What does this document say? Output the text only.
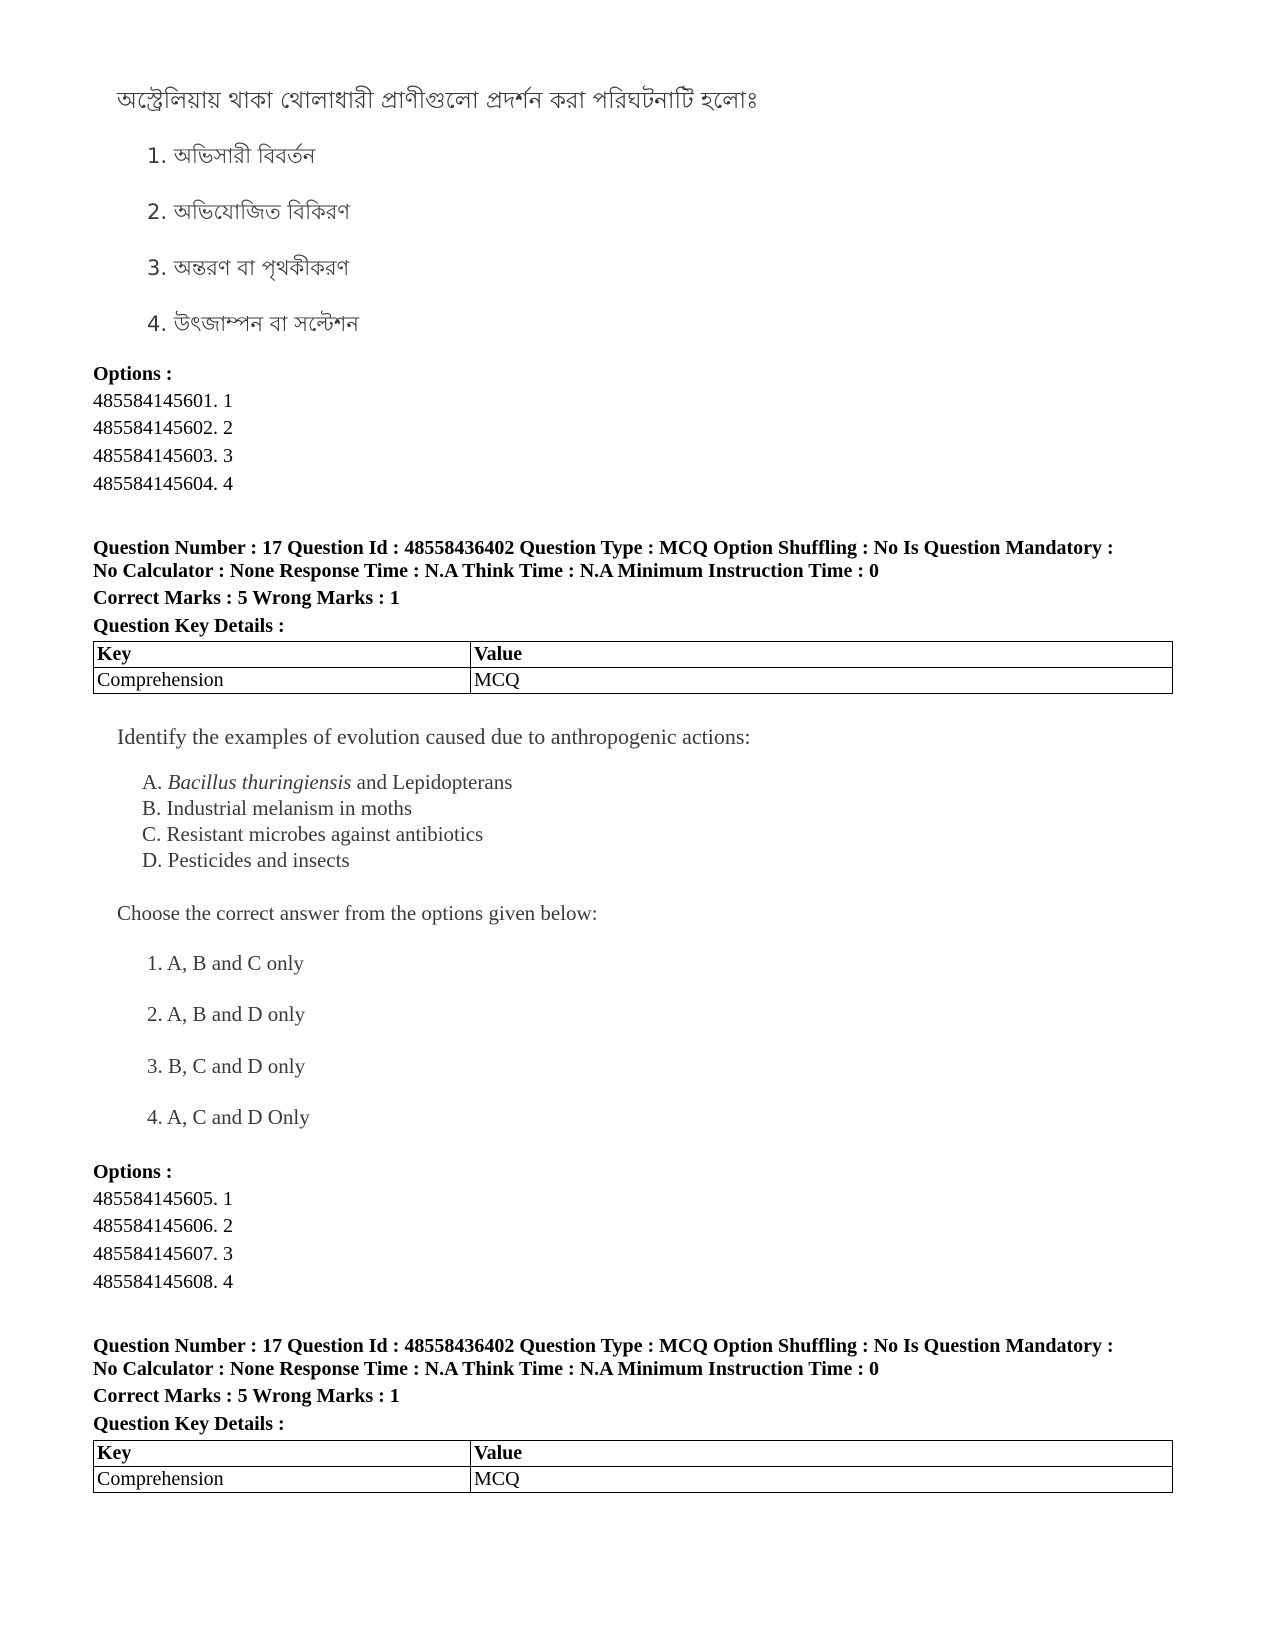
অস্ট্রেলিয়ায় থাকা থোলাধারী প্রাণীগুলো প্রদর্শন করা পরিঘটনাটি হলোঃ
1. অভিসারী বিবর্তন
2. অভিযোজিত বিকিরণ
3. অন্তরণ বা পৃথকীকরণ
4. উৎজাম্পন বা সল্টেশন
Options :
485584145601. 1
485584145602. 2
485584145603. 3
485584145604. 4
Question Number : 17 Question Id : 48558436402 Question Type : MCQ Option Shuffling : No Is Question Mandatory :
No Calculator : None Response Time : N.A Think Time : N.A Minimum Instruction Time : 0
Correct Marks : 5 Wrong Marks : 1
Question Key Details :
Key	Value
Comprehension	MCQ
Identify the examples of evolution caused due to anthropogenic actions:
A. Bacillus thuringiensis and Lepidopterans
B. Industrial melanism in moths
C. Resistant microbes against antibiotics
D. Pesticides and insects
Choose the correct answer from the options given below:
1. A, B and C only
2. A, B and D only
3. B, C and D only
4. A, C and D Only
Options :
485584145605. 1
485584145606. 2
485584145607. 3
485584145608. 4
Question Number : 17 Question Id : 48558436402 Question Type : MCQ Option Shuffling : No Is Question Mandatory :
No Calculator : None Response Time : N.A Think Time : N.A Minimum Instruction Time : 0
Correct Marks : 5 Wrong Marks : 1
Question Key Details :
Key	Value
Comprehension	MCQ
